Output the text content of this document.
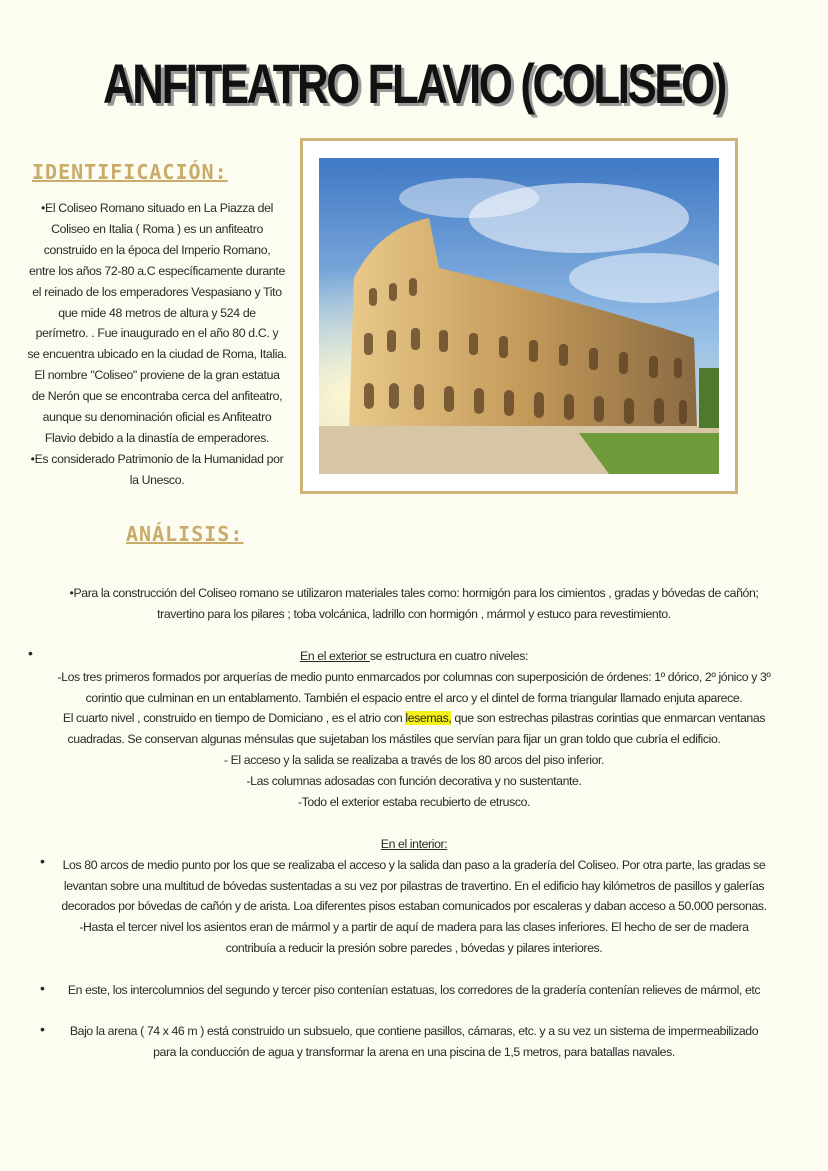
ANFITEATRO FLAVIO (COLISEO)
IDENTIFICACIÓN:
•El Coliseo Romano situado en La Piazza del
Coliseo en Italia ( Roma ) es un anfiteatro
construido en la época del Imperio Romano,
entre los años 72-80 a.C específicamente durante
el reinado de los emperadores Vespasiano y Tito
que mide 48 metros de altura y 524 de
perímetro. . Fue inaugurado en el año 80 d.C. y
se encuentra ubicado en la ciudad de Roma, Italia.
El nombre "Coliseo" proviene de la gran estatua
de Nerón que se encontraba cerca del anfiteatro,
aunque su denominación oficial es Anfiteatro
Flavio debido a la dinastía de emperadores.
•Es considerado Patrimonio de la Humanidad por
la Unesco.
ANÁLISIS:
•Para la construcción del Coliseo romano se utilizaron materiales tales como: hormigón para los cimientos , gradas y bóvedas de cañón;
travertino para los pilares ; toba volcánica, ladrillo con hormigón , mármol y estuco para revestimiento.
•	En el exterior se estructura en cuatro niveles:
-Los tres primeros formados por arquerías de medio punto enmarcados por columnas con superposición de órdenes: 1º dórico, 2º jónico y 3º
corintio que culminan en un entablamento. También el espacio entre el arco y el dintel de forma triangular llamado enjuta aparece.
El cuarto nivel , construido en tiempo de Domiciano , es el atrio con lesemas, que son estrechas pilastras corintias que enmarcan ventanas
cuadradas. Se conservan algunas ménsulas que sujetaban los mástiles que servían para fijar un gran toldo que cubría el edificio.
- El acceso y la salida se realizaba a través de los 80 arcos del piso inferior.
-Las columnas adosadas con función decorativa y no sustentante.
-Todo el exterior estaba recubierto de etrusco.
En el interior:
Los 80 arcos de medio punto por los que se realizaba el acceso y la salida dan paso a la gradería del Coliseo. Por otra parte, las gradas se
levantan sobre una multitud de bóvedas sustentadas a su vez por pilastras de travertino. En el edificio hay kilómetros de pasillos y galerías
decorados por bóvedas de cañón y de arista. Loa diferentes pisos estaban comunicados por escaleras y daban acceso a 50.000 personas.
-Hasta el tercer nivel los asientos eran de mármol y a partir de aquí de madera para las clases inferiores. El hecho de ser de madera
contribuía a reducir la presión sobre paredes , bóvedas y pilares interiores.
•
En este, los intercolumnios del segundo y tercer piso contenían estatuas, los corredores de la gradería contenían relieves de mármol, etc
•
Bajo la arena ( 74 x 46 m ) está construido un subsuelo, que contiene pasillos, cámaras, etc. y a su vez un sistema de impermeabilizado
para la conducción de agua y transformar la arena en una piscina de 1,5 metros, para batallas navales.
•
